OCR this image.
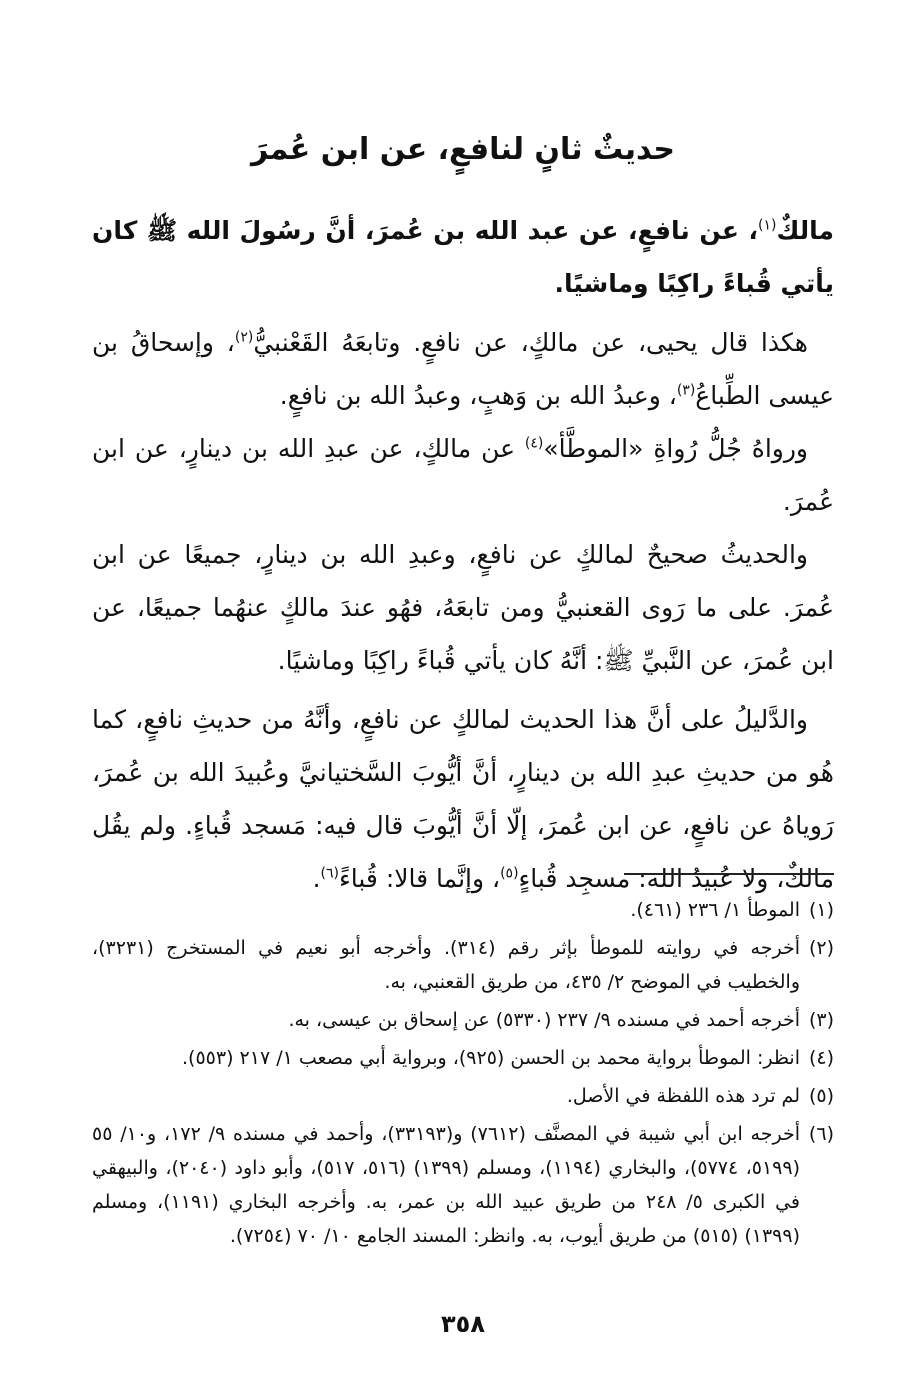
حديثٌ ثانٍ لنافعٍ، عن ابن عُمرَ

مالكٌ$^{(١)}$، عن نافعٍ، عن عبد الله بن عُمرَ، أنَّ رسُولَ الله ﷺ كان يأتي قُباءً راكِبًا وماشيًا.

هكذا قال يحيى، عن مالكٍ، عن نافعٍ. وتابعَهُ القَعْنبيُّ$^{(٢)}$، وإسحاقُ بن عيسى الطِّباعُ$^{(٣)}$، وعبدُ الله بن وَهبٍ، وعبدُ الله بن نافعٍ.

ورواهُ جُلُّ رُواةِ «الموطَّأ»$^{(٤)}$ عن مالكٍ، عن عبدِ الله بن دينارٍ، عن ابن عُمرَ.

والحديثُ صحيحٌ لمالكٍ عن نافعٍ، وعبدِ الله بن دينارٍ، جميعًا عن ابن عُمرَ. على ما رَوى القعنبيُّ ومن تابعَهُ، فهُو عندَ مالكٍ عنهُما جميعًا، عن ابن عُمرَ، عن النَّبيِّ ﷺ: أنَّهُ كان يأتي قُباءً راكِبًا وماشيًا.

والدَّليلُ على أنَّ هذا الحديث لمالكٍ عن نافعٍ، وأنَّهُ من حديثِ نافعٍ، كما هُو من حديثِ عبدِ الله بن دينارٍ، أنَّ أيُّوبَ السَّختيانيَّ وعُبيدَ الله بن عُمرَ، رَوياهُ عن نافعٍ، عن ابن عُمرَ، إلّا أنَّ أيُّوبَ قال فيه: مَسجد قُباءٍ. ولم يقُل مالكٌ، ولا عُبيدُ الله: مسجِد قُباءٍ$^{(٥)}$، وإنَّما قالا: قُباءً$^{(٦)}$.

(١)الموطأ ١/ ٢٣٦ (٤٦١).
(٢)أخرجه في روايته للموطأ بإثر رقم (٣١٤). وأخرجه أبو نعيم في المستخرج (٣٢٣١)، والخطيب في الموضح ٢/ ٤٣٥، من طريق القعنبي، به.
(٣)أخرجه أحمد في مسنده ٩/ ٢٣٧ (٥٣٣٠) عن إسحاق بن عيسى، به.
(٤)انظر: الموطأ برواية محمد بن الحسن (٩٢٥)، وبرواية أبي مصعب ١/ ٢١٧ (٥٥٣).
(٥)لم ترد هذه اللفظة في الأصل.
(٦)أخرجه ابن أبي شيبة في المصنَّف (٧٦١٢) و(٣٣١٩٣)، وأحمد في مسنده ٩/ ١٧٢، و١٠/ ٥٥ (٥١٩٩، ٥٧٧٤)، والبخاري (١١٩٤)، ومسلم (١٣٩٩) (٥١٦، ٥١٧)، وأبو داود (٢٠٤٠)، والبيهقي في الكبرى ٥/ ٢٤٨ من طريق عبيد الله بن عمر، به. وأخرجه البخاري (١١٩١)، ومسلم (١٣٩٩) (٥١٥) من طريق أيوب، به. وانظر: المسند الجامع ١٠/ ٧٠ (٧٢٥٤).
٣٥٨
